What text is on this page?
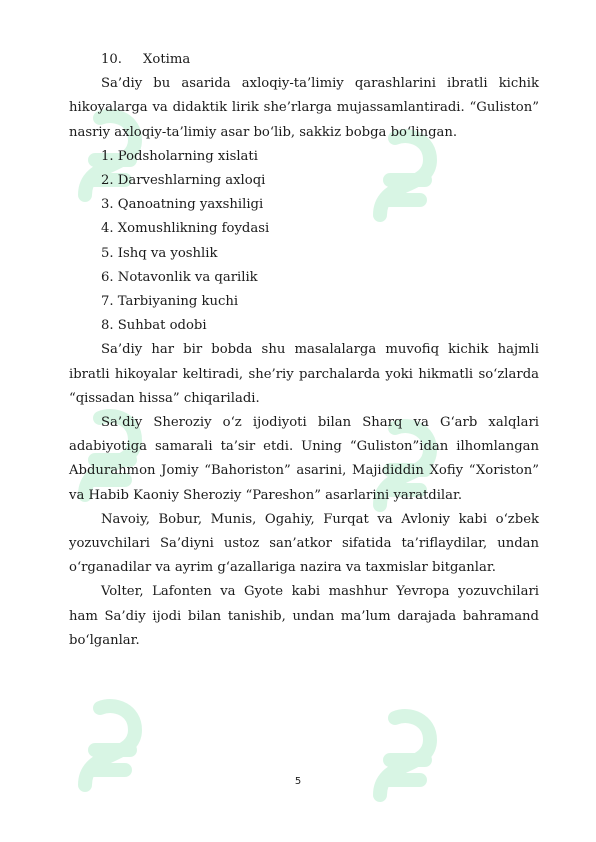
10. Xotima

Sa’diy bu asarida axloqiy-ta’limiy qarashlarini ibratli kichik hikoyalarga va didaktik lirik she’rlarga mujassamlantiradi. “Guliston” nasriy axloqiy-ta’limiy asar bo‘lib, sakkiz bobga bo‘lingan.

1. Podsholarning xislati
2. Darveshlarning axloqi
3. Qanoatning yaxshiligi
4. Xomushlikning foydasi
5. Ishq va yoshlik
6. Notavonlik va qarilik
7. Tarbiyaning kuchi
8. Suhbat odobi

Sa’diy har bir bobda shu masalalarga muvofiq kichik hajmli ibratli hikoyalar keltiradi, she’riy parchalarda yoki hikmatli so‘zlarda “qissadan hissa” chiqariladi.

Sa’diy Sheroziy o‘z ijodiyoti bilan Sharq va G‘arb xalqlari adabiyotiga samarali ta’sir etdi. Uning “Guliston”idan ilhomlangan Abdurahmon Jomiy “Bahoriston” asarini, Majididdin Xofiy “Xoriston” va Habib Kaoniy Sheroziy “Pareshon” asarlarini yaratdilar.

Navoiy, Bobur, Munis, Ogahiy, Furqat va Avloniy kabi o‘zbek yozuvchilari Sa’diyni ustoz san’atkor sifatida ta’riflaydilar, undan o‘rganadilar va ayrim g‘azallariga nazira va taxmislar bitganlar.

Volter, Lafonten va Gyote kabi mashhur Yevropa yozuvchilari ham Sa’diy ijodi bilan tanishib, undan ma’lum darajada bahramand bo‘lganlar.

5
